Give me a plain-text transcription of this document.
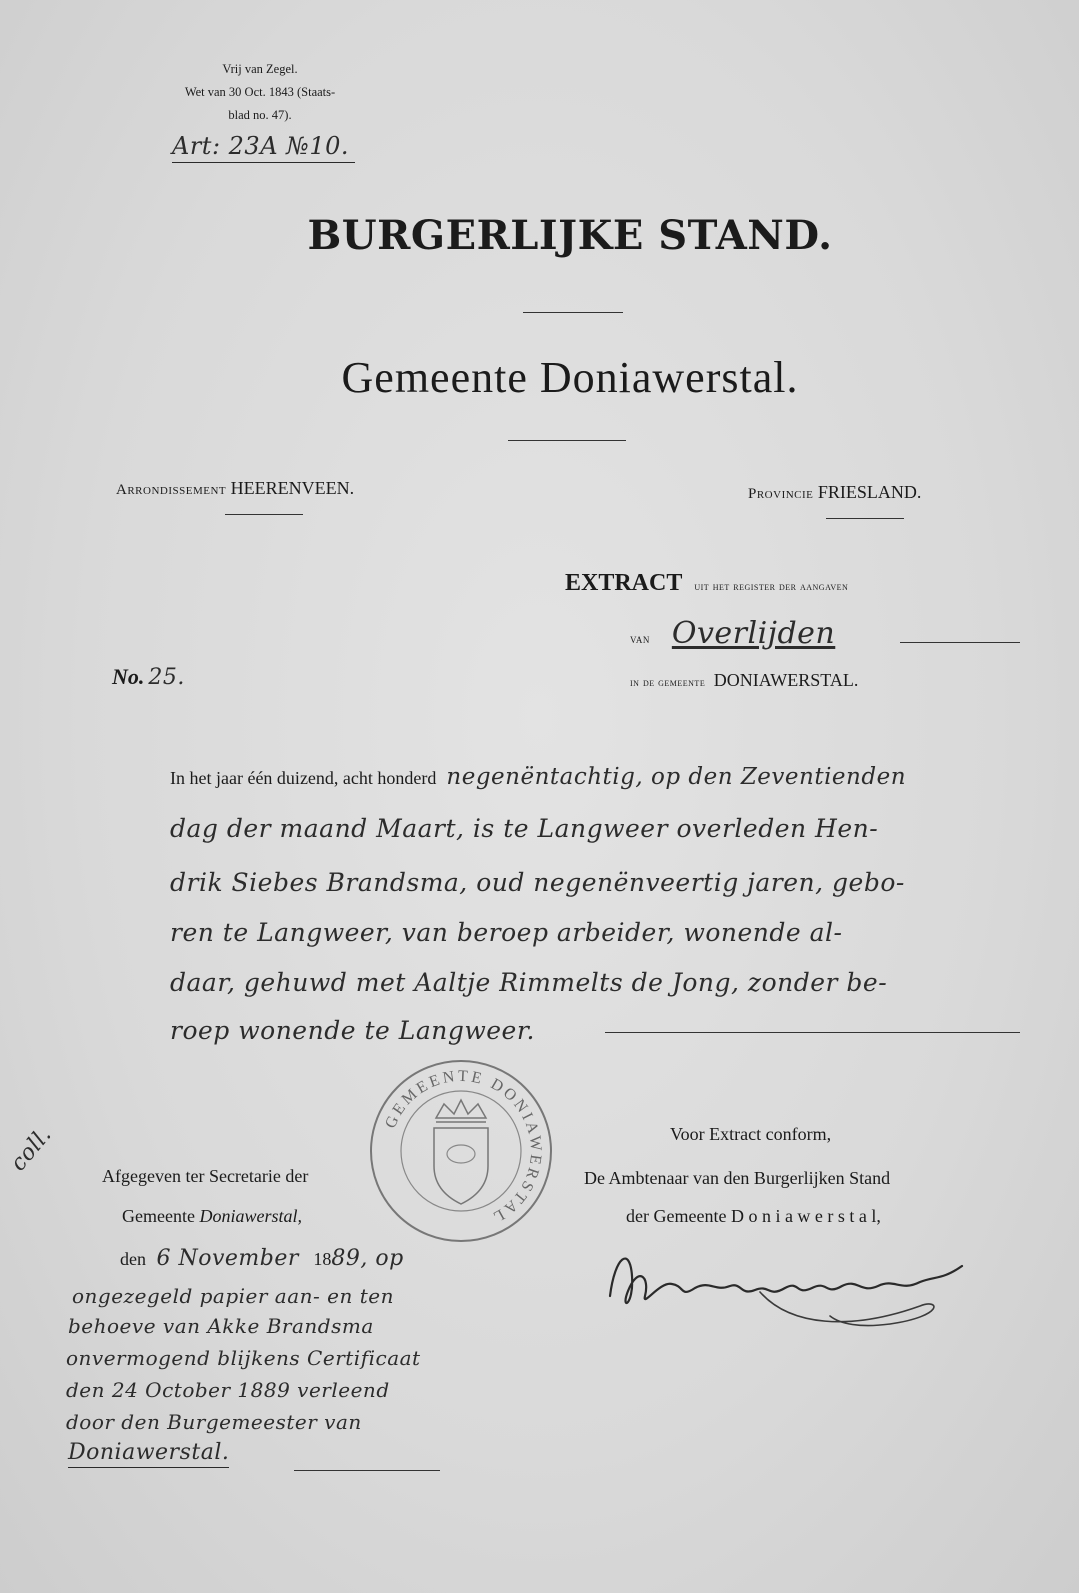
Vrij van Zegel.
Wet van 30 Oct. 1843 (Staats-
blad no. 47).
Art: 23A №10.
BURGERLIJKE STAND.
Gemeente Doniawerstal.
Arrondissement HEERENVEEN.	Provincie FRIESLAND.
EXTRACT uit het register der aangaven
van Overlijden
in de gemeente DONIAWERSTAL.
No. 25.
In het jaar één duizend, acht honderd negenëntachtig, op den Zeventienden
dag der maand Maart, is te Langweer overleden Hen-
drik Siebes Brandsma, oud negenënveertig jaren, gebo-
ren te Langweer, van beroep arbeider, wonende al-
daar, gehuwd met Aaltje Rimmelts de Jong, zonder be-
roep wonende te Langweer.
GEMEENTE DONIAWERSTAL
coll.	Afgegeven ter Secretarie der
Gemeente Doniawerstal,
den 6 November 1889, op
ongezegeld papier aan- en ten
behoeve van Akke Brandsma
onvermogend blijkens Certificaat
den 24 October 1889 verleend
door den Burgemeester van
Doniawerstal.
Voor Extract conform,
De Ambtenaar van den Burgerlijken Stand
der Gemeente D o n i a w e r s t a l,
